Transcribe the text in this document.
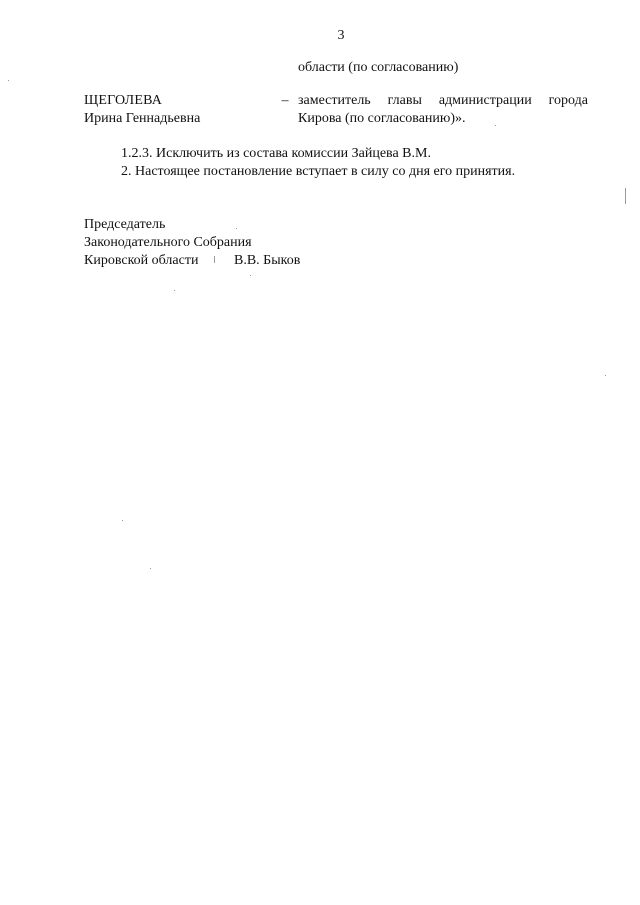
3
области (по согласованию)
ЩЕГОЛЕВА
Ирина Геннадьевна
– заместитель главы администрации города
Кирова (по согласованию)».
1.2.3. Исключить из состава комиссии Зайцева В.М.
2. Настоящее постановление вступает в силу со дня его принятия.
Председатель
Законодательного Собрания
Кировской области	В.В. Быков
